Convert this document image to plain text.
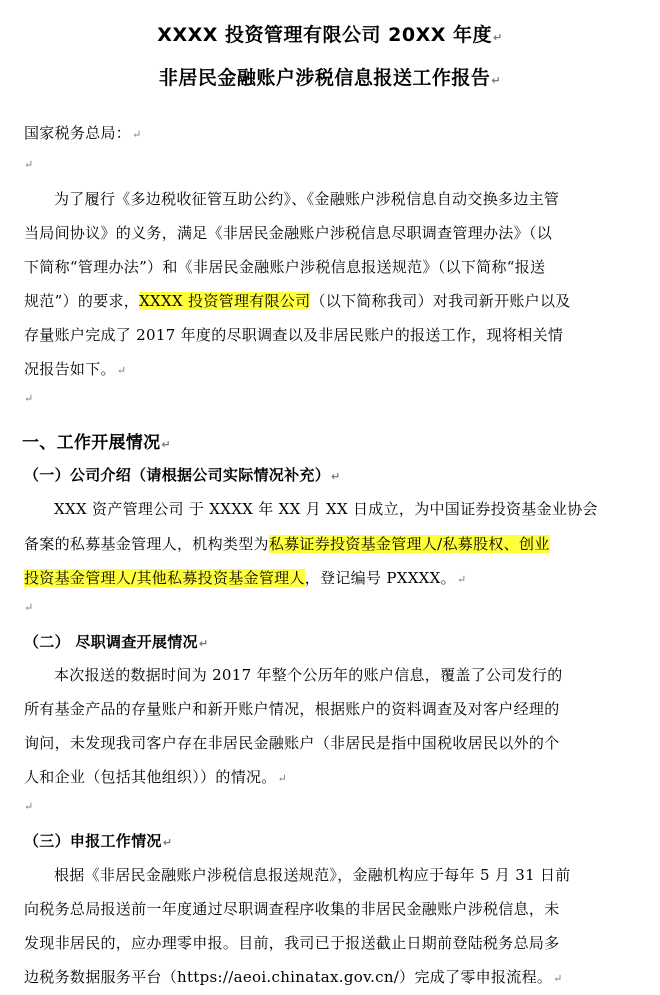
XXXX 投资管理有限公司 20XX 年度↵
非居民金融账户涉税信息报送工作报告↵
国家税务总局：↵
↵
为了履行《多边税收征管互助公约》、《金融账户涉税信息自动交换多边主管
当局间协议》的义务，满足《非居民金融账户涉税信息尽职调查管理办法》（以
下简称“管理办法”）和《非居民金融账户涉税信息报送规范》（以下简称“报送
规范”）的要求，XXXX 投资管理有限公司（以下简称我司）对我司新开账户以及
存量账户完成了 2017 年度的尽职调查以及非居民账户的报送工作，现将相关情
况报告如下。↵
↵
一、工作开展情况↵
（一）公司介绍（请根据公司实际情况补充）↵
XXX 资产管理公司 于 XXXX 年 XX 月 XX 日成立，为中国证券投资基金业协会
备案的私募基金管理人，机构类型为私募证券投资基金管理人/私募股权、创业
投资基金管理人/其他私募投资基金管理人，登记编号 PXXXX。↵
↵
（二） 尽职调查开展情况↵
本次报送的数据时间为 2017 年整个公历年的账户信息，覆盖了公司发行的
所有基金产品的存量账户和新开账户情况，根据账户的资料调查及对客户经理的
询问，未发现我司客户存在非居民金融账户（非居民是指中国税收居民以外的个
人和企业（包括其他组织））的情况。↵
↵
（三）申报工作情况↵
根据《非居民金融账户涉税信息报送规范》，金融机构应于每年 5 月 31 日前
向税务总局报送前一年度通过尽职调查程序收集的非居民金融账户涉税信息，未
发现非居民的，应办理零申报。目前，我司已于报送截止日期前登陆税务总局多
边税务数据服务平台（https://aeoi.chinatax.gov.cn/）完成了零申报流程。↵
